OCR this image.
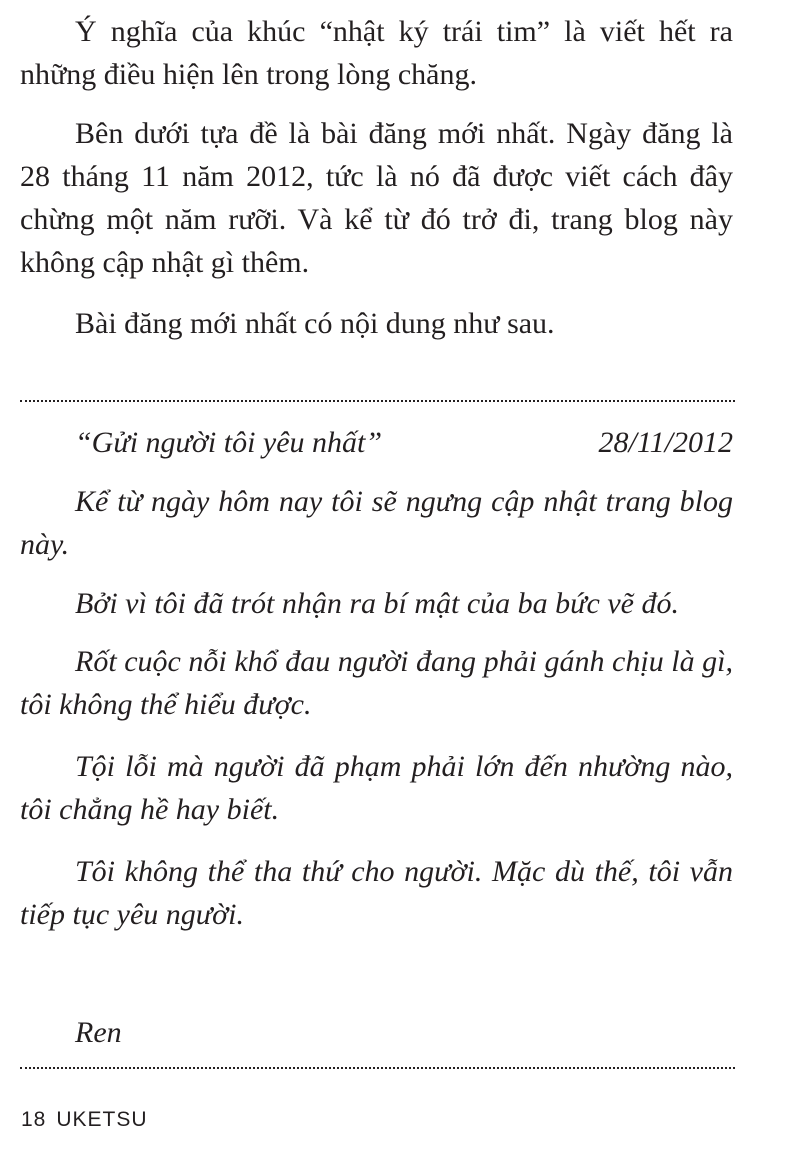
Ý nghĩa của khúc “nhật ký trái tim” là viết hết ra những điều hiện lên trong lòng chăng.

Bên dưới tựa đề là bài đăng mới nhất. Ngày đăng là 28 tháng 11 năm 2012, tức là nó đã được viết cách đây chừng một năm rưỡi. Và kể từ đó trở đi, trang blog này không cập nhật gì thêm.

Bài đăng mới nhất có nội dung như sau.

“Gửi người tôi yêu nhất”	28/11/2012

Kể từ ngày hôm nay tôi sẽ ngưng cập nhật trang blog này.

Bởi vì tôi đã trót nhận ra bí mật của ba bức vẽ đó.

Rốt cuộc nỗi khổ đau người đang phải gánh chịu là gì, tôi không thể hiểu được.

Tội lỗi mà người đã phạm phải lớn đến nhường nào, tôi chẳng hề hay biết.

Tôi không thể tha thứ cho người. Mặc dù thế, tôi vẫn tiếp tục yêu người.

Ren
18 UKETSU
